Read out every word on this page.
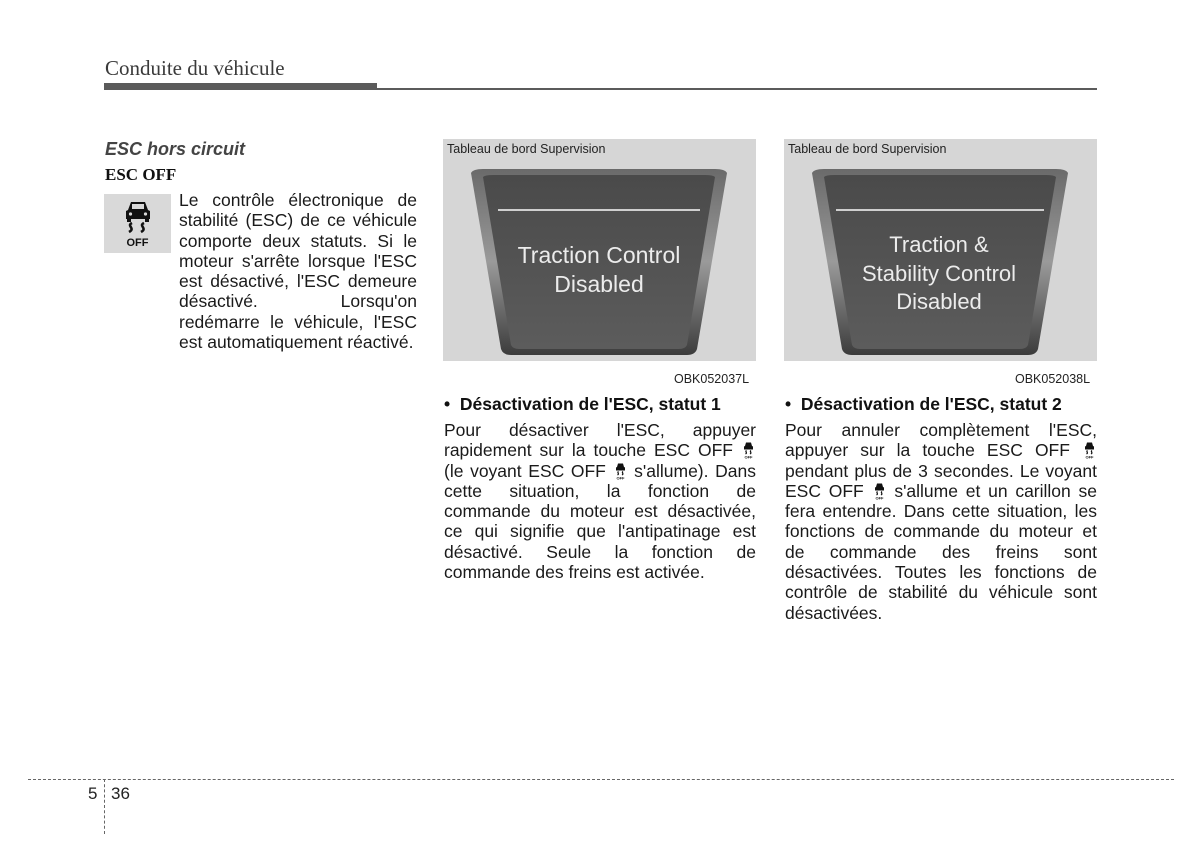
Conduite du véhicule
ESC hors circuit
ESC OFF
OFF
Le contrôle électronique de stabilité (ESC) de ce véhicule comporte deux statuts. Si le moteur s'arrête lorsque l'ESC est désactivé, l'ESC demeure désactivé. Lorsqu'on redémarre le véhicule, l'ESC est automatiquement réactivé.
Traction Control
Disabled
Tableau de bord Supervision
OBK052037L
Traction &
Stability Control
Disabled
Tableau de bord Supervision
OBK052038L
•  Désactivation de l'ESC, statut 1
Pour désactiver l'ESC, appuyer rapidement sur la touche ESC OFF	OFF
(le voyant ESC OFF	OFF s'allume). Dans cette situation, la fonction de commande du moteur est désactivée, ce qui signifie que l'antipatinage est désactivé. Seule la fonction de commande des freins est activée.
•  Désactivation de l'ESC, statut 2
Pour annuler complètement l'ESC, appuyer sur la touche ESC OFF	OFF
pendant plus de 3 secondes. Le voyant ESC OFF	OFF s'allume et un carillon se fera entendre. Dans cette situation, les fonctions de commande du moteur et de commande des freins sont désactivées. Toutes les fonctions de contrôle de stabilité du véhicule sont désactivées.
5 36
